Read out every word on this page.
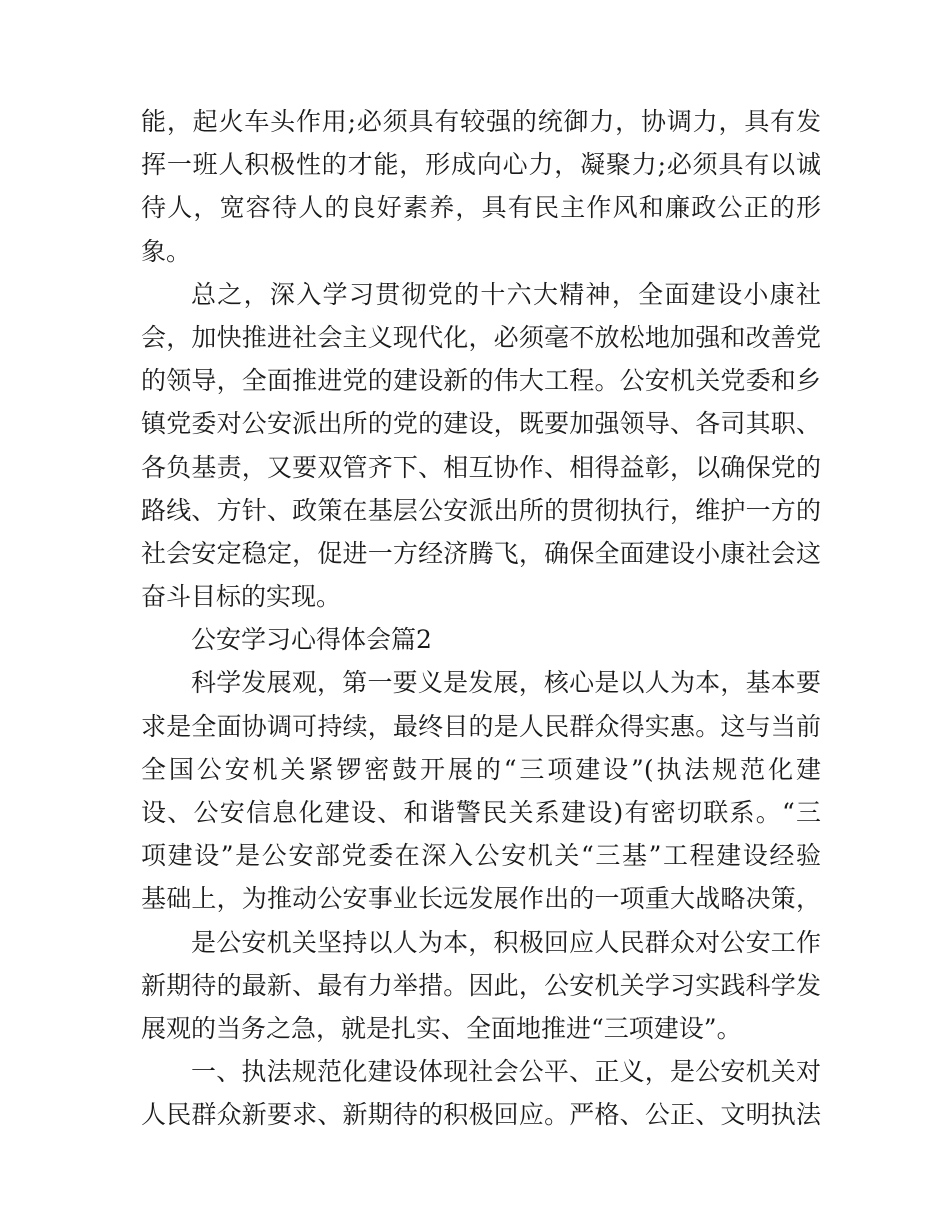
能，起火车头作用;必须具有较强的统御力，协调力，具有发
挥一班人积极性的才能，形成向心力，凝聚力;必须具有以诚
待人，宽容待人的良好素养，具有民主作风和廉政公正的形
象。
总之，深入学习贯彻党的十六大精神，全面建设小康社
会，加快推进社会主义现代化，必须毫不放松地加强和改善党
的领导，全面推进党的建设新的伟大工程。公安机关党委和乡
镇党委对公安派出所的党的建设，既要加强领导、各司其职、
各负基责，又要双管齐下、相互协作、相得益彰，以确保党的
路线、方针、政策在基层公安派出所的贯彻执行，维护一方的
社会安定稳定，促进一方经济腾飞，确保全面建设小康社会这
奋斗目标的实现。
公安学习心得体会篇2
科学发展观，第一要义是发展，核心是以人为本，基本要
求是全面协调可持续，最终目的是人民群众得实惠。这与当前
全国公安机关紧锣密鼓开展的“三项建设”(执法规范化建
设、公安信息化建设、和谐警民关系建设)有密切联系。“三
项建设”是公安部党委在深入公安机关“三基”工程建设经验
基础上，为推动公安事业长远发展作出的一项重大战略决策，
是公安机关坚持以人为本，积极回应人民群众对公安工作
新期待的最新、最有力举措。因此，公安机关学习实践科学发
展观的当务之急，就是扎实、全面地推进“三项建设”。
一、执法规范化建设体现社会公平、正义，是公安机关对
人民群众新要求、新期待的积极回应。严格、公正、文明执法
